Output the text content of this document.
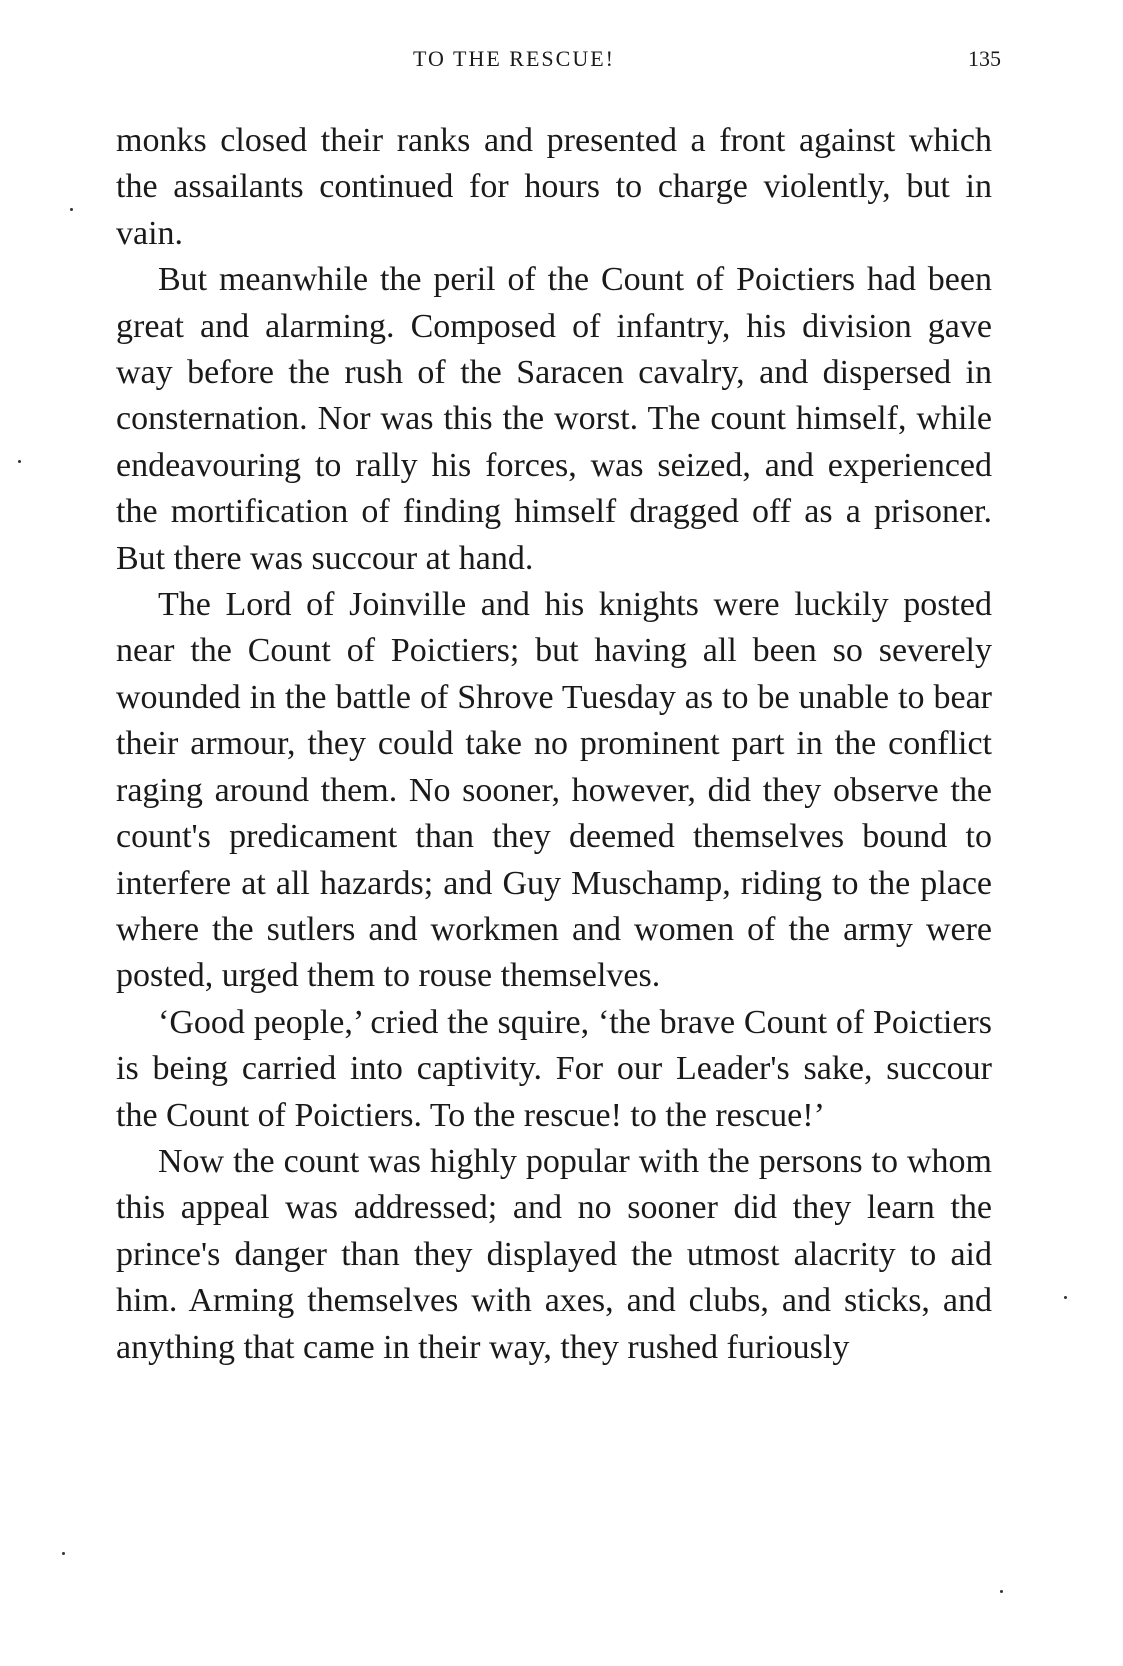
TO THE RESCUE!	135

monks closed their ranks and presented a front against which the assailants continued for hours to charge violently, but in vain.

But meanwhile the peril of the Count of Poictiers had been great and alarming. Composed of infantry, his division gave way before the rush of the Saracen cavalry, and dispersed in consternation. Nor was this the worst. The count himself, while endeavouring to rally his forces, was seized, and experienced the mortification of finding himself dragged off as a prisoner. But there was succour at hand.

The Lord of Joinville and his knights were luckily posted near the Count of Poictiers; but having all been so severely wounded in the battle of Shrove Tuesday as to be unable to bear their armour, they could take no prominent part in the conflict raging around them. No sooner, however, did they observe the count's predicament than they deemed themselves bound to interfere at all hazards; and Guy Muschamp, riding to the place where the sutlers and workmen and women of the army were posted, urged them to rouse themselves.

‘Good people,’ cried the squire, ‘the brave Count of Poictiers is being carried into captivity. For our Leader's sake, succour the Count of Poictiers. To the rescue! to the rescue!’

Now the count was highly popular with the persons to whom this appeal was addressed; and no sooner did they learn the prince's danger than they displayed the utmost alacrity to aid him. Arming themselves with axes, and clubs, and sticks, and anything that came in their way, they rushed furiously
